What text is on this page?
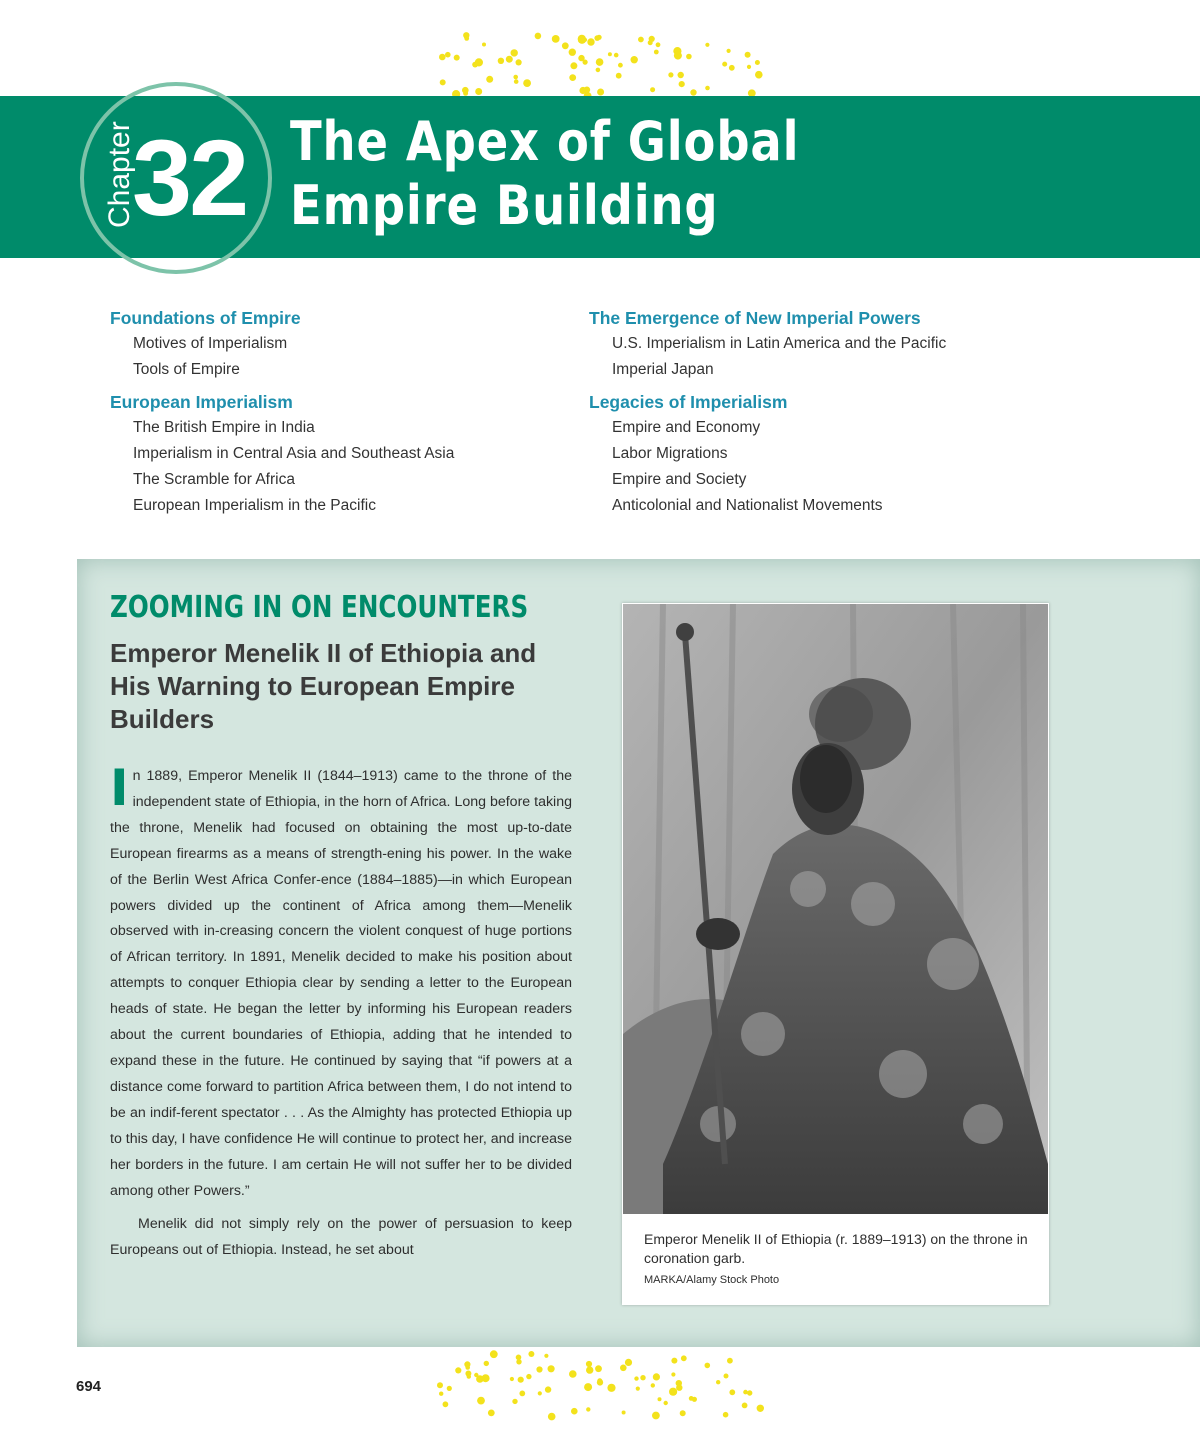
Chapter
32 The Apex of Global
Empire Building
Foundations of Empire
Motives of Imperialism
Tools of Empire
European Imperialism
The British Empire in India
Imperialism in Central Asia and Southeast Asia
The Scramble for Africa
European Imperialism in the Pacific
The Emergence of New Imperial Powers
U.S. Imperialism in Latin America and the Pacific
Imperial Japan
Legacies of Imperialism
Empire and Economy
Labor Migrations
Empire and Society
Anticolonial and Nationalist Movements
ZOOMING IN ON ENCOUNTERS
Emperor Menelik II of Ethiopia and His Warning to European Empire Builders

In 1889, Emperor Menelik II (1844–1913) came to the throne of the independent state of Ethiopia, in the horn of Africa. Long before taking the throne, Menelik had focused on obtaining the most up-to-date European firearms as a means of strength-ening his power. In the wake of the Berlin West Africa Confer-ence (1884–1885)—in which European powers divided up the continent of Africa among them—Menelik observed with in-creasing concern the violent conquest of huge portions of African territory. In 1891, Menelik decided to make his position about attempts to conquer Ethiopia clear by sending a letter to the European heads of state. He began the letter by informing his European readers about the current boundaries of Ethiopia, adding that he intended to expand these in the future. He continued by saying that “if powers at a distance come forward to partition Africa between them, I do not intend to be an indif-ferent spectator . . . As the Almighty has protected Ethiopia up to this day, I have confidence He will continue to protect her, and increase her borders in the future. I am certain He will not suffer her to be divided among other Powers.”

Menelik did not simply rely on the power of persuasion to keep Europeans out of Ethiopia. Instead, he set about

Emperor Menelik II of Ethiopia (r. 1889–1913) on the throne in coronation garb.
MARKA/Alamy Stock Photo
694
